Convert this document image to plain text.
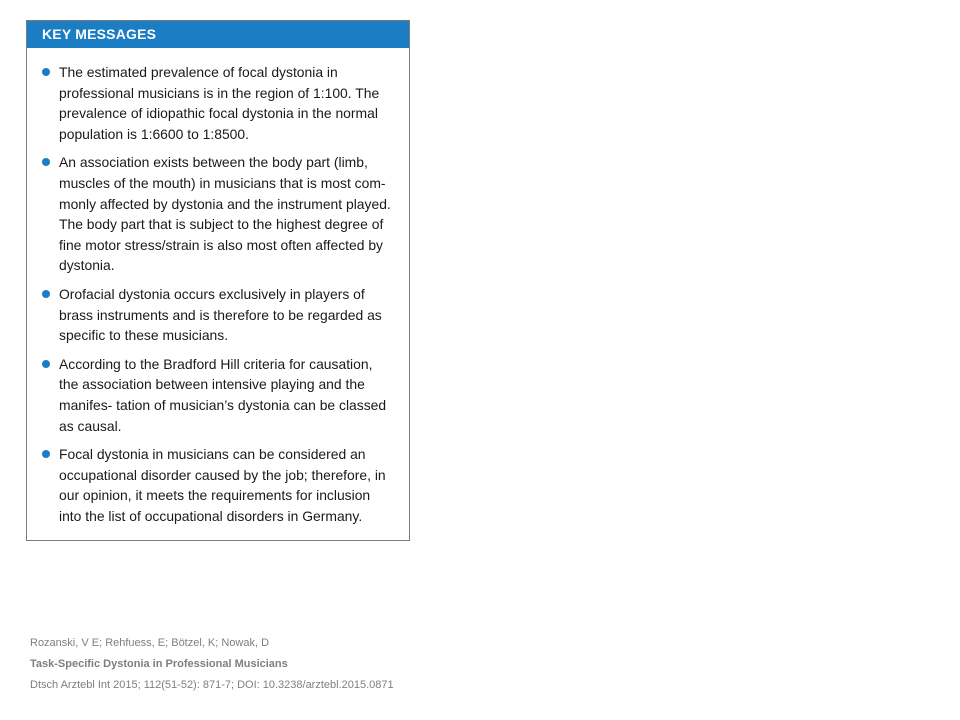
KEY MESSAGES
The estimated prevalence of focal dystonia in professional musicians is in the region of 1:100. The prevalence of idiopathic focal dystonia in the normal population is 1:6600 to 1:8500.
An association exists between the body part (limb, muscles of the mouth) in musicians that is most com- monly affected by dystonia and the instrument played. The body part that is subject to the highest degree of fine motor stress/strain is also most often affected by dystonia.
Orofacial dystonia occurs exclusively in players of brass instruments and is therefore to be regarded as specific to these musicians.
According to the Bradford Hill criteria for causation, the association between intensive playing and the manifes- tation of musician’s dystonia can be classed as causal.
Focal dystonia in musicians can be considered an occupational disorder caused by the job; therefore, in our opinion, it meets the requirements for inclusion into the list of occupational disorders in Germany.
Rozanski, V E; Rehfuess, E; Bötzel, K; Nowak, D
Task-Specific Dystonia in Professional Musicians
Dtsch Arztebl Int 2015; 112(51-52): 871-7; DOI: 10.3238/arztebl.2015.0871
